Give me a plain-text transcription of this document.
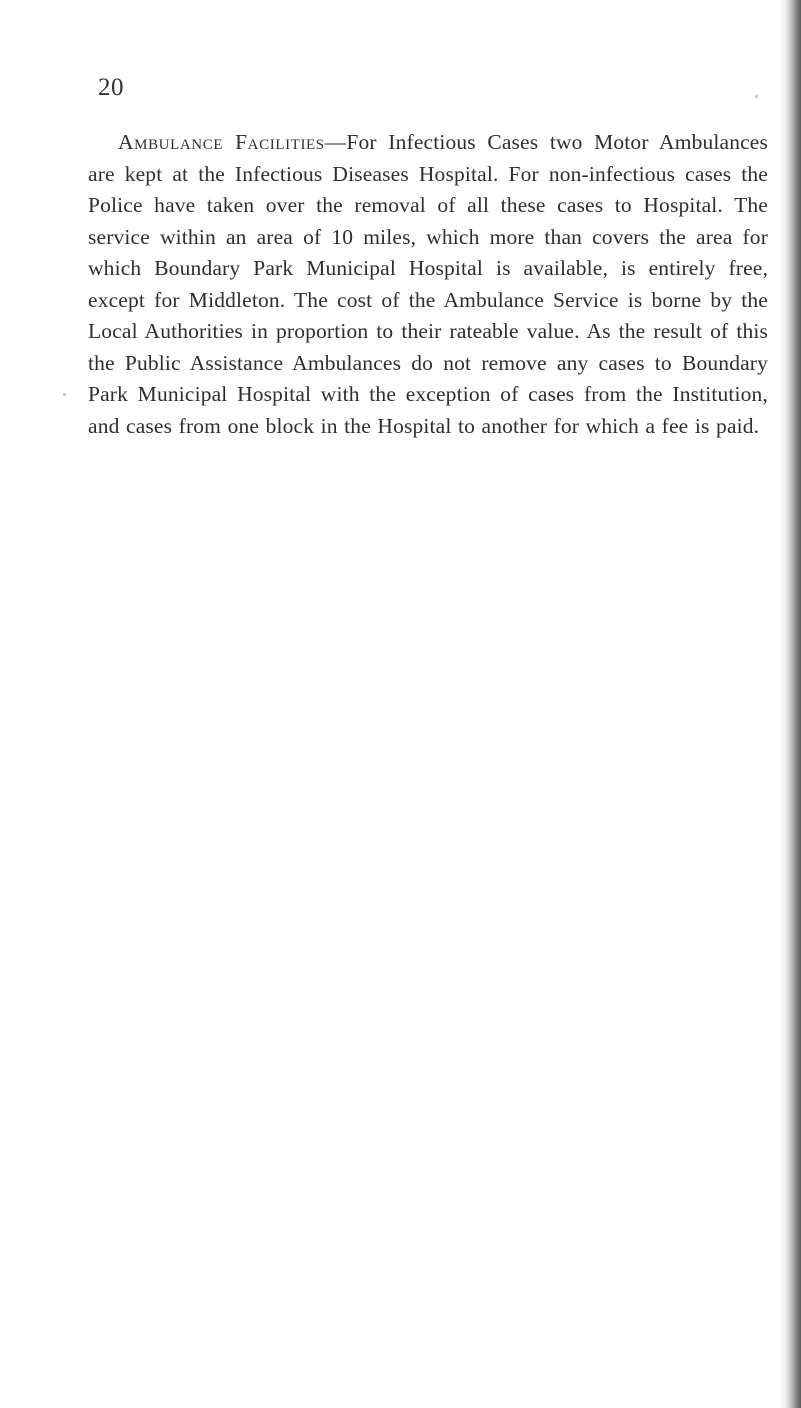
20

Ambulance Facilities—For Infectious Cases two Motor Ambulances are kept at the Infectious Diseases Hospital. For non-infectious cases the Police have taken over the removal of all these cases to Hospital. The service within an area of 10 miles, which more than covers the area for which Boundary Park Municipal Hospital is available, is entirely free, except for Middleton. The cost of the Ambulance Service is borne by the Local Authorities in proportion to their rateable value. As the result of this the Public Assistance Ambulances do not remove any cases to Boundary Park Municipal Hospital with the exception of cases from the Institution, and cases from one block in the Hospital to another for which a fee is paid.
